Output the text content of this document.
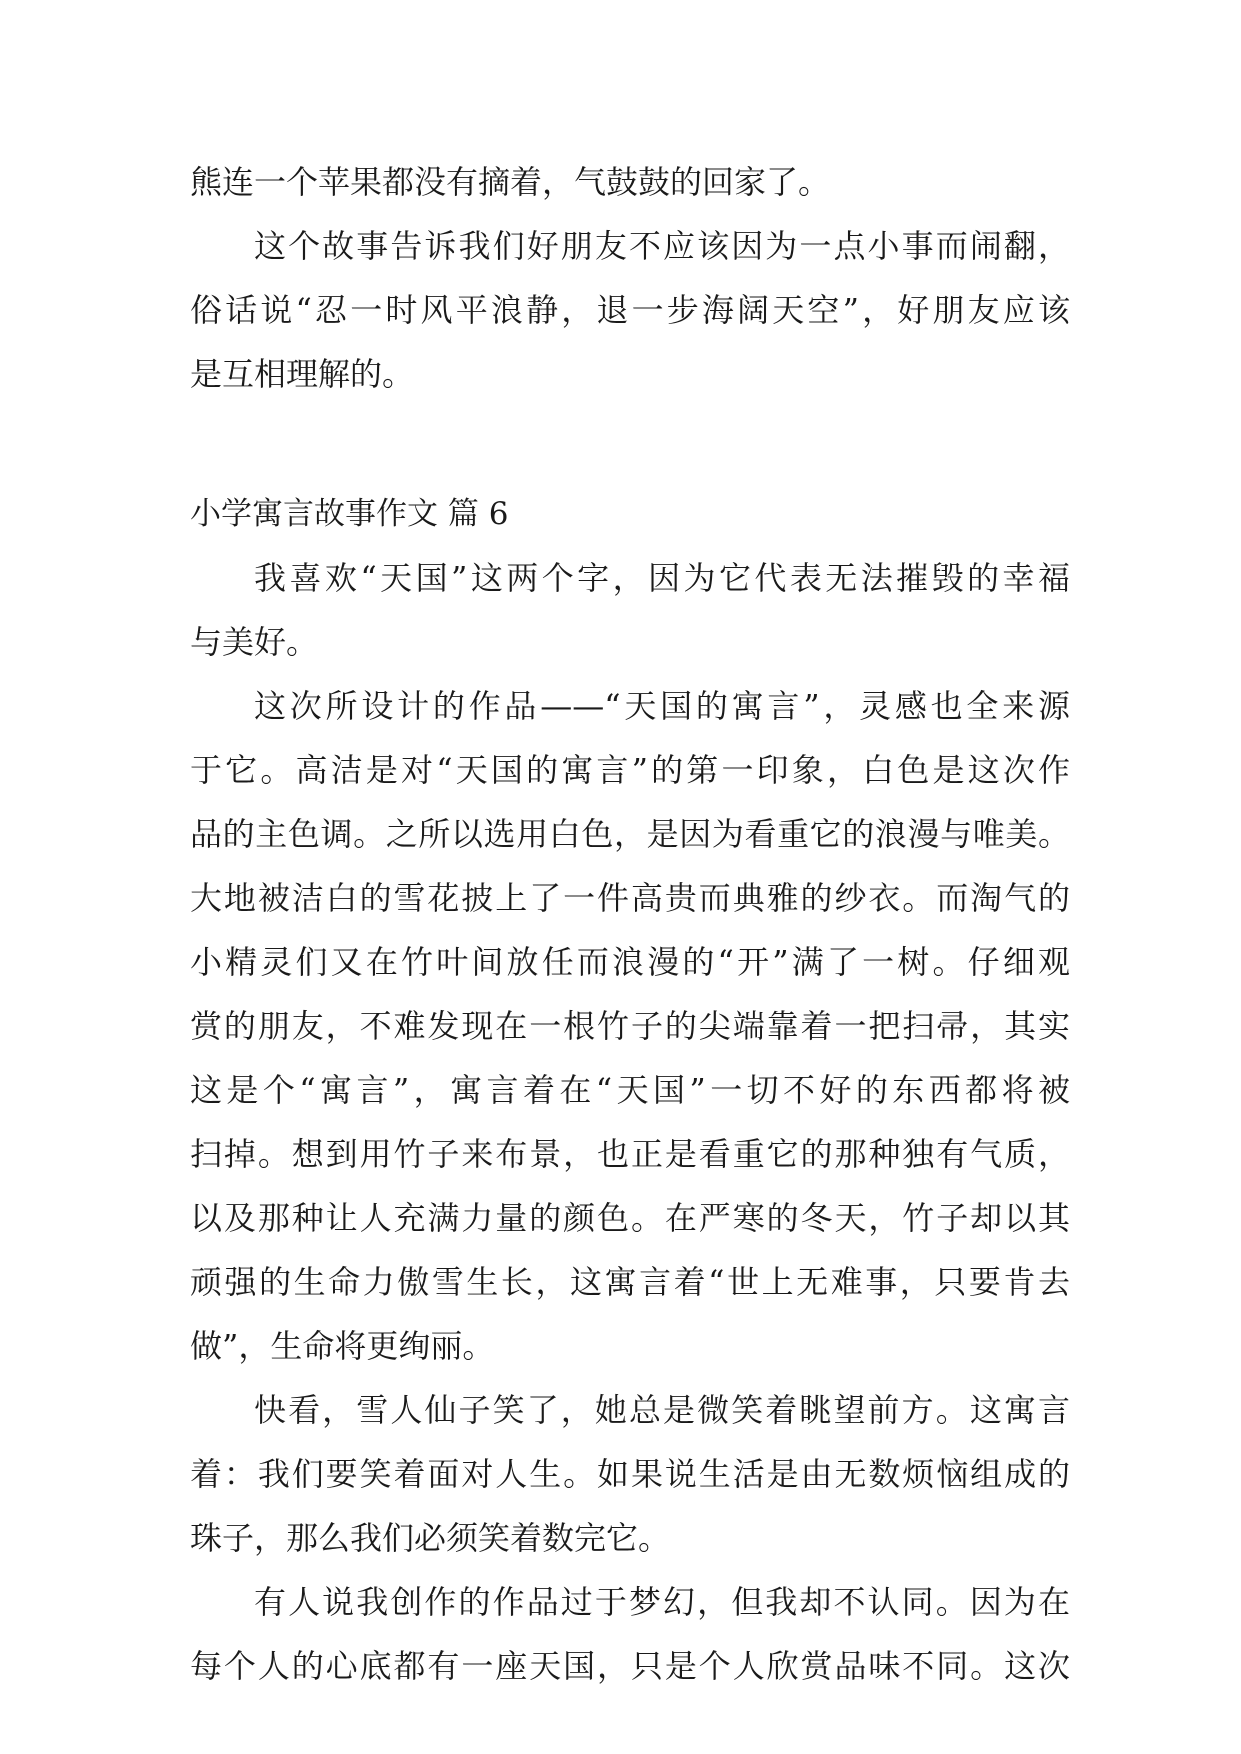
熊连一个苹果都没有摘着，气鼓鼓的回家了。
这个故事告诉我们好朋友不应该因为一点小事而闹翻，
俗话说“忍一时风平浪静，退一步海阔天空”，好朋友应该
是互相理解的。
小学寓言故事作文 篇 6
我喜欢“天国”这两个字，因为它代表无法摧毁的幸福
与美好。
这次所设计的作品——“天国的寓言”，灵感也全来源
于它。高洁是对“天国的寓言”的第一印象，白色是这次作
品的主色调。之所以选用白色，是因为看重它的浪漫与唯美。
大地被洁白的雪花披上了一件高贵而典雅的纱衣。而淘气的
小精灵们又在竹叶间放任而浪漫的“开”满了一树。仔细观
赏的朋友，不难发现在一根竹子的尖端靠着一把扫帚，其实
这是个“寓言”，寓言着在“天国”一切不好的东西都将被
扫掉。想到用竹子来布景，也正是看重它的那种独有气质，
以及那种让人充满力量的颜色。在严寒的冬天，竹子却以其
顽强的生命力傲雪生长，这寓言着“世上无难事，只要肯去
做”，生命将更绚丽。
快看，雪人仙子笑了，她总是微笑着眺望前方。这寓言
着：我们要笑着面对人生。如果说生活是由无数烦恼组成的
珠子，那么我们必须笑着数完它。
有人说我创作的作品过于梦幻，但我却不认同。因为在
每个人的心底都有一座天国，只是个人欣赏品味不同。这次
